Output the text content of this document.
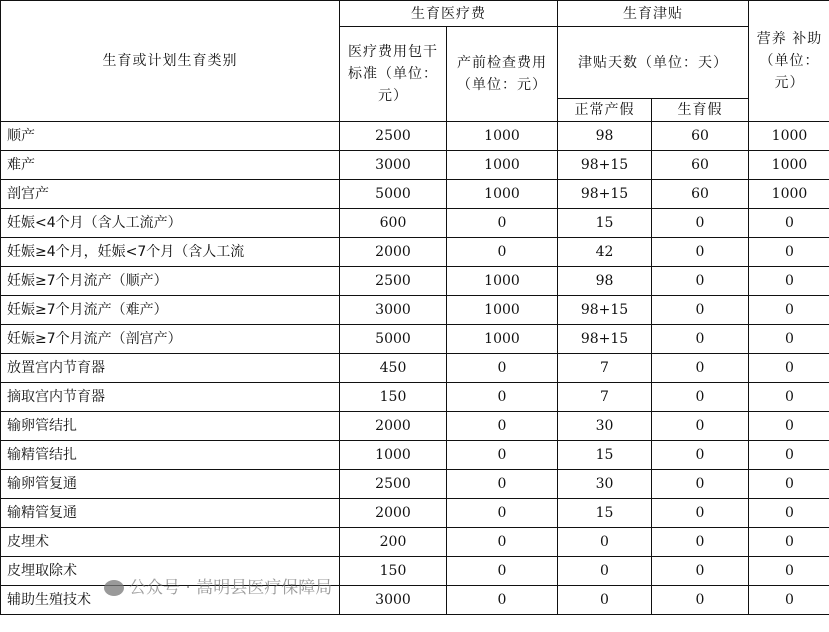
生育或计划生育类别	生育医疗费		生育津贴		营养 补助（单位：元）
	医疗费用包干标准（单位：元）	产前检查费用（单位：元）	津贴天数（单位：天）		
			正常产假	生育假	
顺产	2500	1000	98	60	1000
难产	3000	1000	98+15	60	1000
剖宫产	5000	1000	98+15	60	1000
妊娠<4个月（含人工流产）	600	0	15	0	0
妊娠≥4个月，妊娠<7个月（含人工流	2000	0	42	0	0
妊娠≥7个月流产（顺产）	2500	1000	98	0	0
妊娠≥7个月流产（难产）	3000	1000	98+15	0	0
妊娠≥7个月流产（剖宫产）	5000	1000	98+15	0	0
放置宫内节育器	450	0	7	0	0
摘取宫内节育器	150	0	7	0	0
输卵管结扎	2000	0	30	0	0
输精管结扎	1000	0	15	0	0
输卵管复通	2500	0	30	0	0
输精管复通	2000	0	15	0	0
皮埋术	200	0	0	0	0
皮埋取除术	150	0	0	0	0
辅助生殖技术	3000	0	0	0	0
公众号 · 嵩明县医疗保障局
